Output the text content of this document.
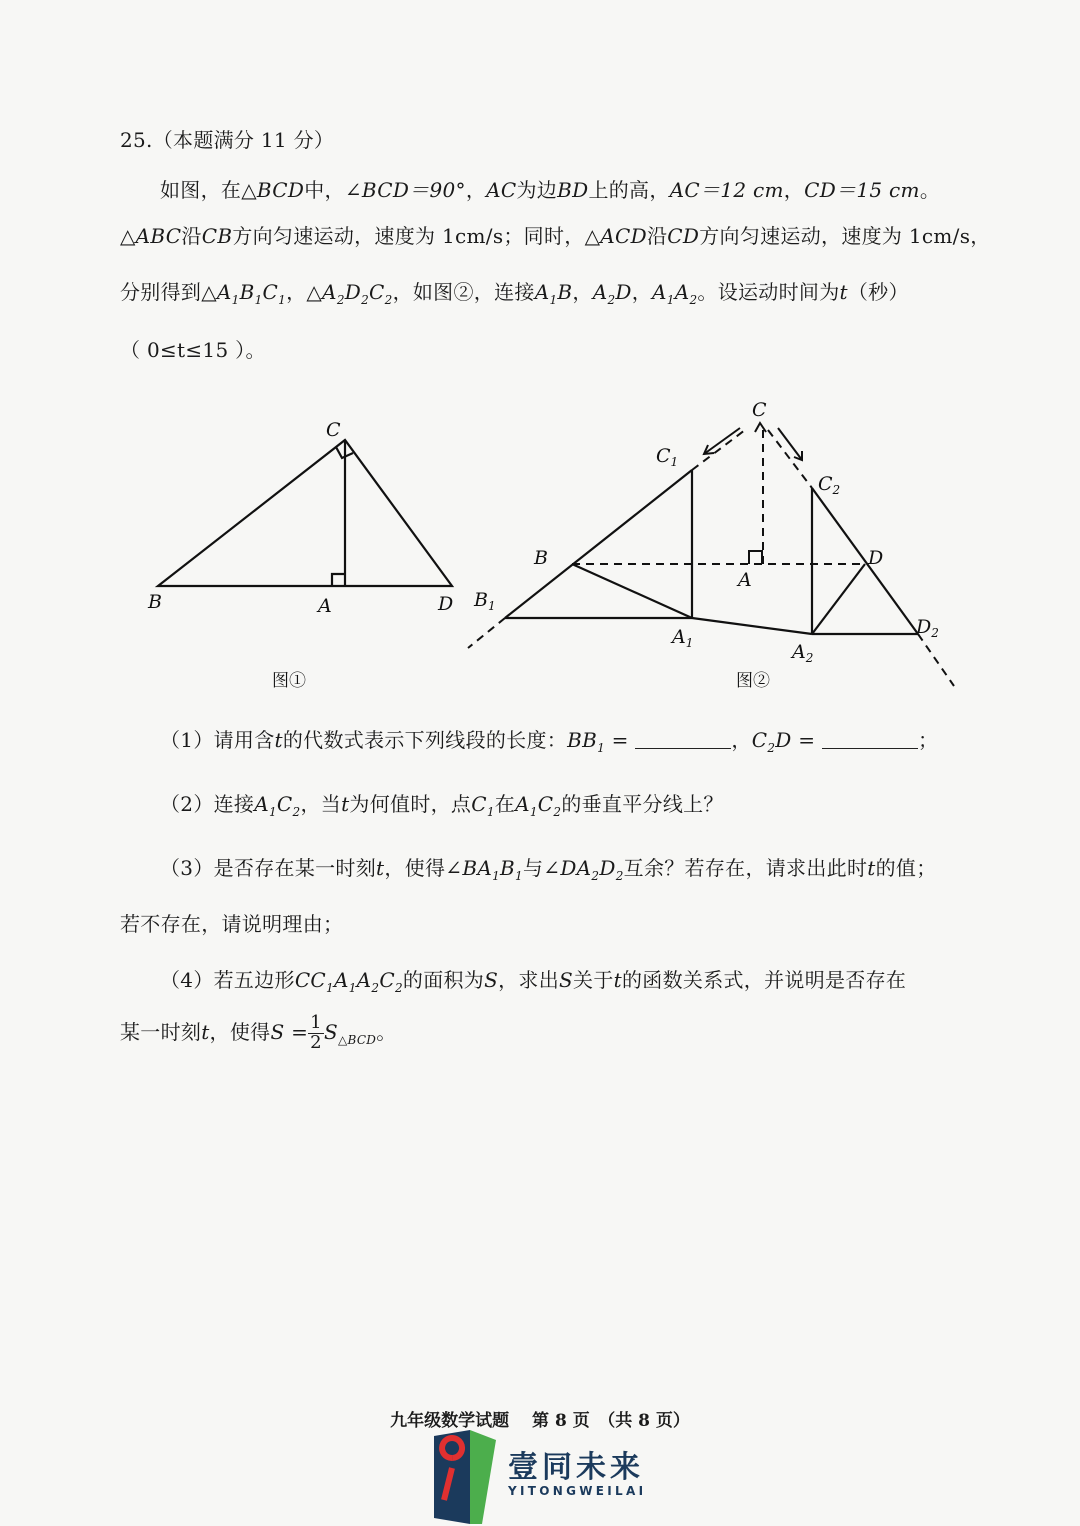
25.（本题满分 11 分）
如图，在△BCD中，∠BCD＝90°，AC为边BD上的高，AC＝12 cm，CD＝15 cm。
△ABC沿CB方向匀速运动，速度为 1cm/s；同时，△ACD沿CD方向匀速运动，速度为 1cm/s，
分别得到$\triangle A_1B_1C_1$，$\triangle A_2D_2C_2$，如图②，连接$A_1B$，$A_2D$，$A_1A_2$。设运动时间为t（秒）
（ 0≤t≤15 ）。
C
B	A	D
图①
C
$C_1$
$C_2$
B
$B_1$
A
D
$A_1$	$A_2$
$D_2$
图②
（1）请用含t的代数式表示下列线段的长度：$BB_1$ =	，$C_2D$ =	；
（2）连接$A_1C_2$，当t为何值时，点$C_1$在$A_1C_2$的垂直平分线上？
（3）是否存在某一时刻t，使得$\angle BA_1B_1$与$\angle DA_2D_2$互余？若存在，请求出此时t的值；
若不存在，请说明理由；
（4）若五边形$CC_1A_1A_2C_2$的面积为S，求出S关于t的函数关系式，并说明是否存在
某一时刻t，使得$S = \frac{1}{2} S_{\triangle BCD}$。
九年级数学试题　 第 8 页　（共 8 页）
壹同未来
YITONGWEILAI
